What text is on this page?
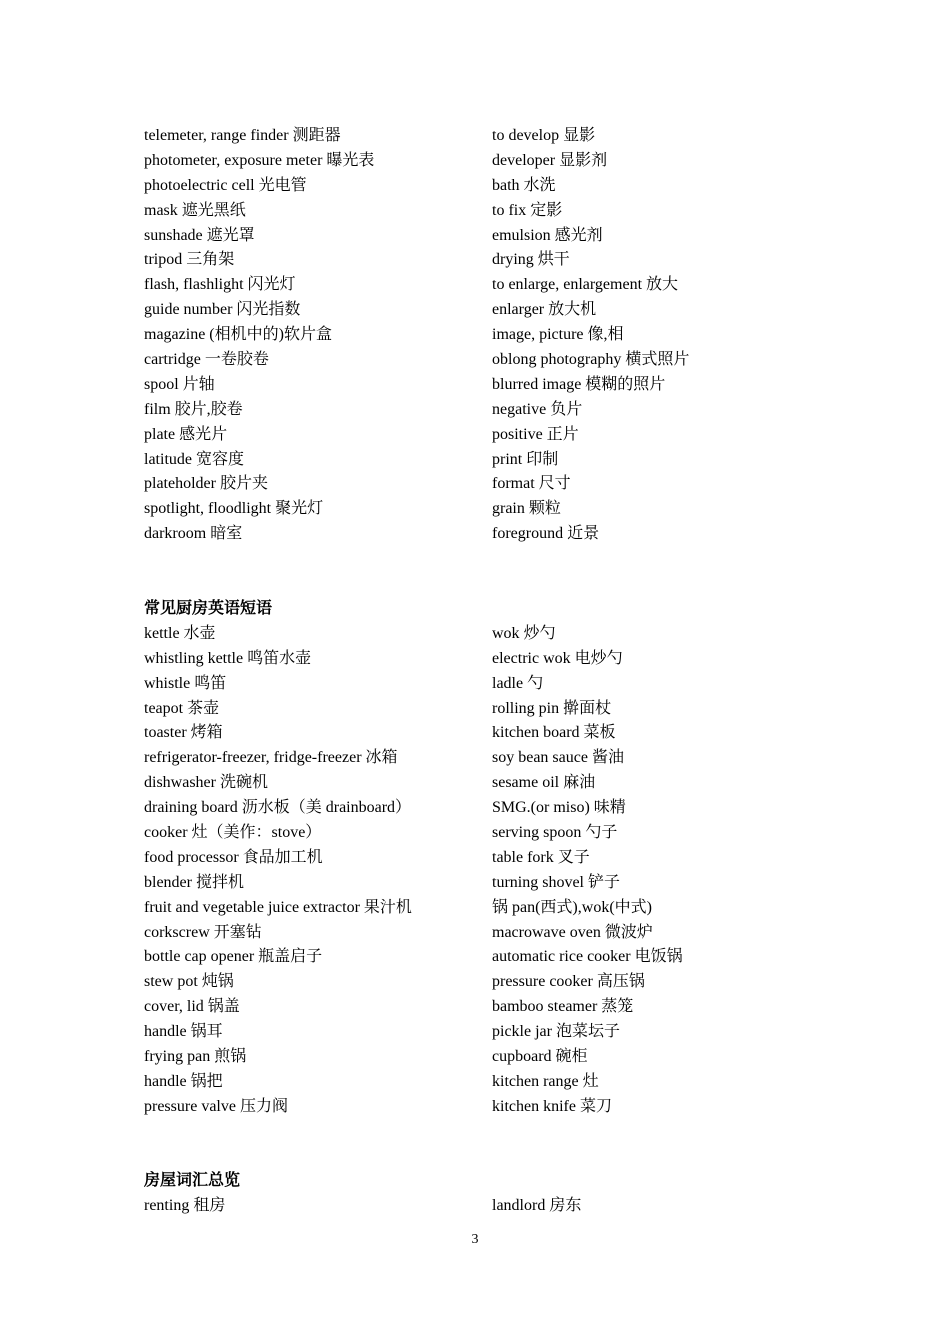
telemeter, range finder 测距器	to develop 显影
photometer, exposure meter 曝光表	developer 显影剂
photoelectric cell 光电管	bath 水洗
mask 遮光黑纸	to fix 定影
sunshade 遮光罩	emulsion 感光剂
tripod 三角架	drying 烘干
flash, flashlight 闪光灯	to enlarge, enlargement 放大
guide number 闪光指数	enlarger 放大机
magazine (相机中的)软片盒	image, picture 像,相
cartridge 一卷胶卷	oblong photography 横式照片
spool 片轴	blurred image 模糊的照片
film 胶片,胶卷	negative 负片
plate 感光片	positive 正片
latitude 宽容度	print 印制
plateholder 胶片夹	format 尺寸
spotlight, floodlight 聚光灯	grain 颗粒
darkroom 暗室	foreground 近景
常见厨房英语短语
kettle 水壶	wok 炒勺
whistling kettle 鸣笛水壶	electric wok 电炒勺
whistle 鸣笛	ladle 勺
teapot 茶壶	rolling pin 擀面杖
toaster 烤箱	kitchen board 菜板
refrigerator-freezer, fridge-freezer 冰箱	soy bean sauce 酱油
dishwasher 洗碗机	sesame oil 麻油
draining board 沥水板（美 drainboard）	SMG.(or miso) 味精
cooker 灶（美作：stove）	serving spoon 勺子
food processor 食品加工机	table fork 叉子
blender 搅拌机	turning shovel 铲子
fruit and vegetable juice extractor 果汁机	锅 pan(西式),wok(中式)
corkscrew 开塞钻	macrowave oven 微波炉
bottle cap opener 瓶盖启子	automatic rice cooker 电饭锅
stew pot 炖锅	pressure cooker 高压锅
cover, lid 锅盖	bamboo steamer 蒸笼
handle 锅耳	pickle jar 泡菜坛子
frying pan 煎锅	cupboard 碗柜
handle 锅把	kitchen range 灶
pressure valve 压力阀	kitchen knife 菜刀
房屋词汇总览
renting 租房	landlord 房东
3
